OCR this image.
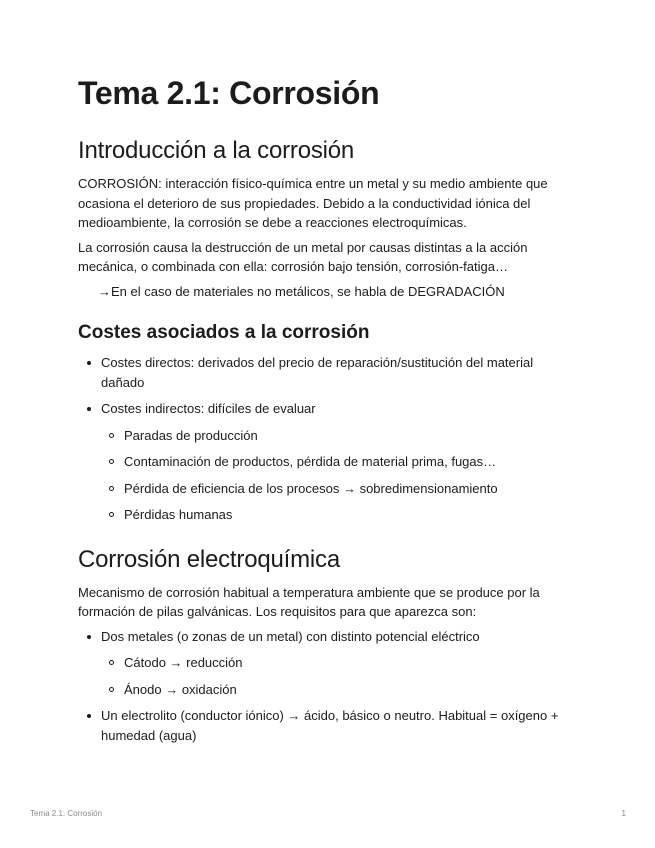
Tema 2.1: Corrosión
Introducción a la corrosión

CORROSIÓN: interacción físico-química entre un metal y su medio ambiente que ocasiona el deterioro de sus propiedades. Debido a la conductividad iónica del medioambiente, la corrosión se debe a reacciones electroquímicas.

La corrosión causa la destrucción de un metal por causas distintas a la acción mecánica, o combinada con ella: corrosión bajo tensión, corrosión-fatiga…

→En el caso de materiales no metálicos, se habla de DEGRADACIÓN
Costes asociados a la corrosión
Costes directos: derivados del precio de reparación/sustitución del material dañado
Costes indirectos: difíciles de evaluar
Paradas de producción
Contaminación de productos, pérdida de material prima, fugas…
Pérdida de eficiencia de los procesos → sobredimensionamiento
Pérdidas humanas
Corrosión electroquímica

Mecanismo de corrosión habitual a temperatura ambiente que se produce por la formación de pilas galvánicas. Los requisitos para que aparezca son:

Dos metales (o zonas de un metal) con distinto potencial eléctrico
Cátodo → reducción
Ánodo → oxidación
Un electrolito (conductor iónico) → ácido, básico o neutro. Habitual = oxígeno + humedad (agua)
Tema 2.1: Corrosión	1
